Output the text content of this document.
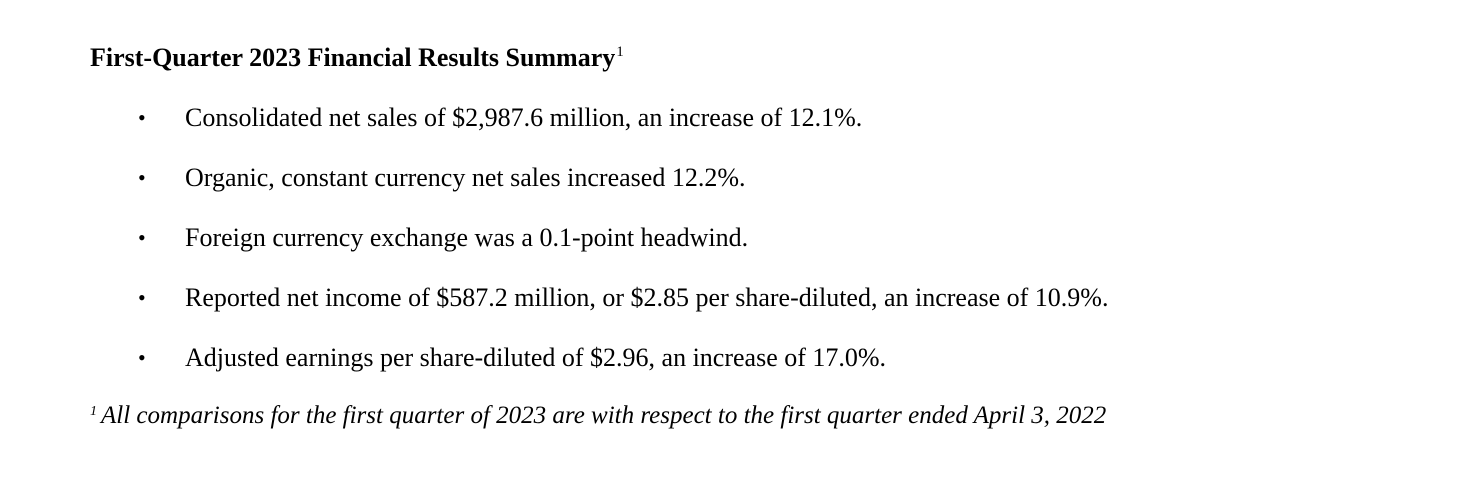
First-Quarter 2023 Financial Results Summary$^1$
• Consolidated net sales of $2,987.6 million, an increase of 12.1%.
• Organic, constant currency net sales increased 12.2%.
• Foreign currency exchange was a 0.1-point headwind.
• Reported net income of $587.2 million, or $2.85 per share-diluted, an increase of 10.9%.
• Adjusted earnings per share-diluted of $2.96, an increase of 17.0%.
$^1$ All comparisons for the first quarter of 2023 are with respect to the first quarter ended April 3, 2022
